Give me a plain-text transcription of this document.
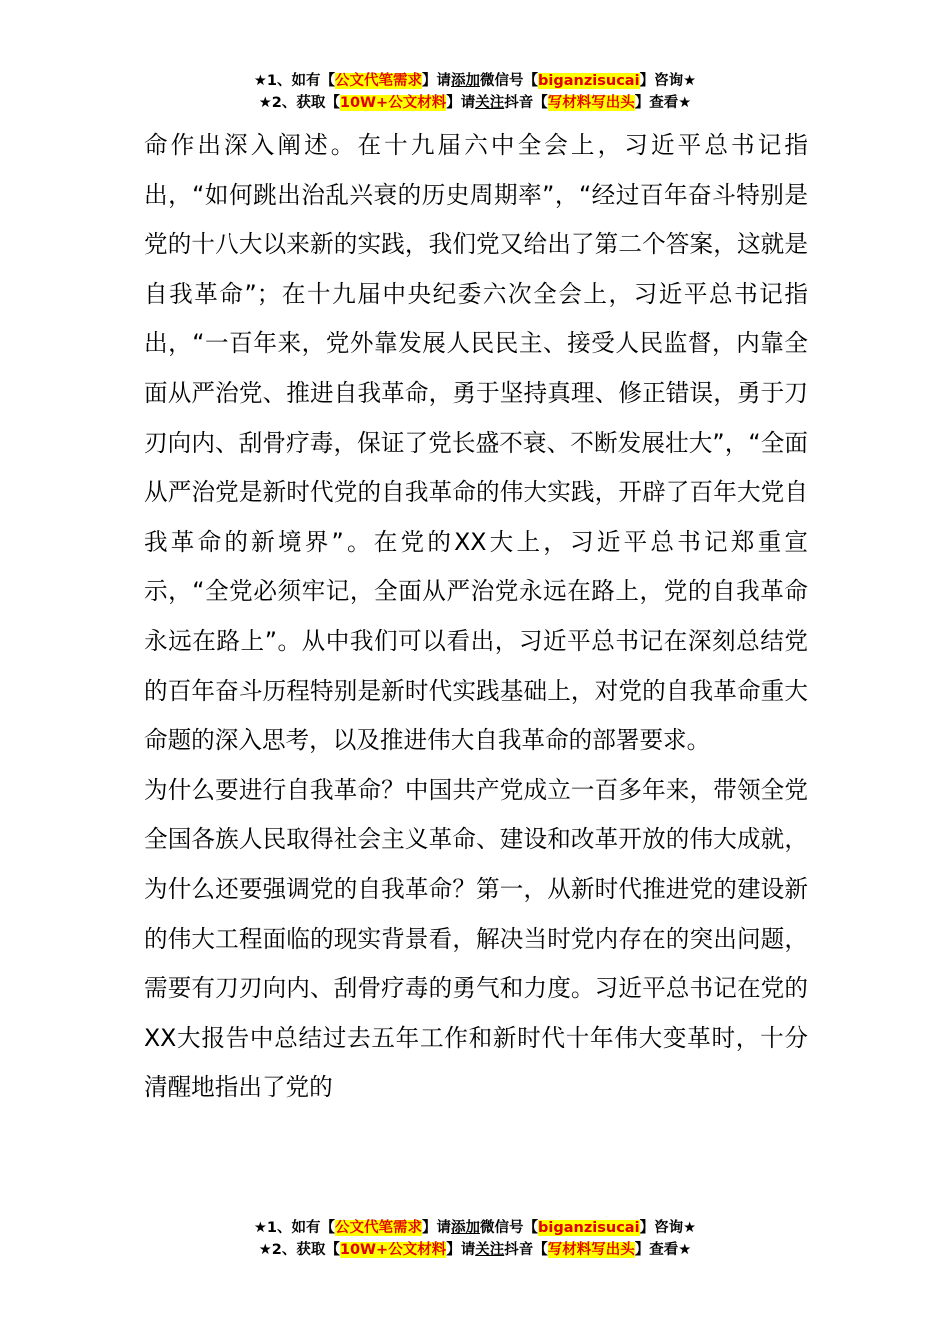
★1、如有【公文代笔需求】请添加微信号【biganzisucai】咨询★
★2、获取【10W+公文材料】请关注抖音【写材料写出头】查看★

命作出深入阐述。在十九届六中全会上，习近平总书记指出，“如何跳出治乱兴衰的历史周期率”，“经过百年奋斗特别是党的十八大以来新的实践，我们党又给出了第二个答案，这就是自我革命”；在十九届中央纪委六次全会上，习近平总书记指出，“一百年来，党外靠发展人民民主、接受人民监督，内靠全面从严治党、推进自我革命，勇于坚持真理、修正错误，勇于刀刃向内、刮骨疗毒，保证了党长盛不衰、不断发展壮大”，“全面从严治党是新时代党的自我革命的伟大实践，开辟了百年大党自我革命的新境界”。在党的XX大上，习近平总书记郑重宣示，“全党必须牢记，全面从严治党永远在路上，党的自我革命永远在路上”。从中我们可以看出，习近平总书记在深刻总结党的百年奋斗历程特别是新时代实践基础上，对党的自我革命重大命题的深入思考，以及推进伟大自我革命的部署要求。

为什么要进行自我革命？中国共产党成立一百多年来，带领全党全国各族人民取得社会主义革命、建设和改革开放的伟大成就，为什么还要强调党的自我革命？第一，从新时代推进党的建设新的伟大工程面临的现实背景看，解决当时党内存在的突出问题，需要有刀刃向内、刮骨疗毒的勇气和力度。习近平总书记在党的XX大报告中总结过去五年工作和新时代十年伟大变革时，十分清醒地指出了党的

★1、如有【公文代笔需求】请添加微信号【biganzisucai】咨询★
★2、获取【10W+公文材料】请关注抖音【写材料写出头】查看★
